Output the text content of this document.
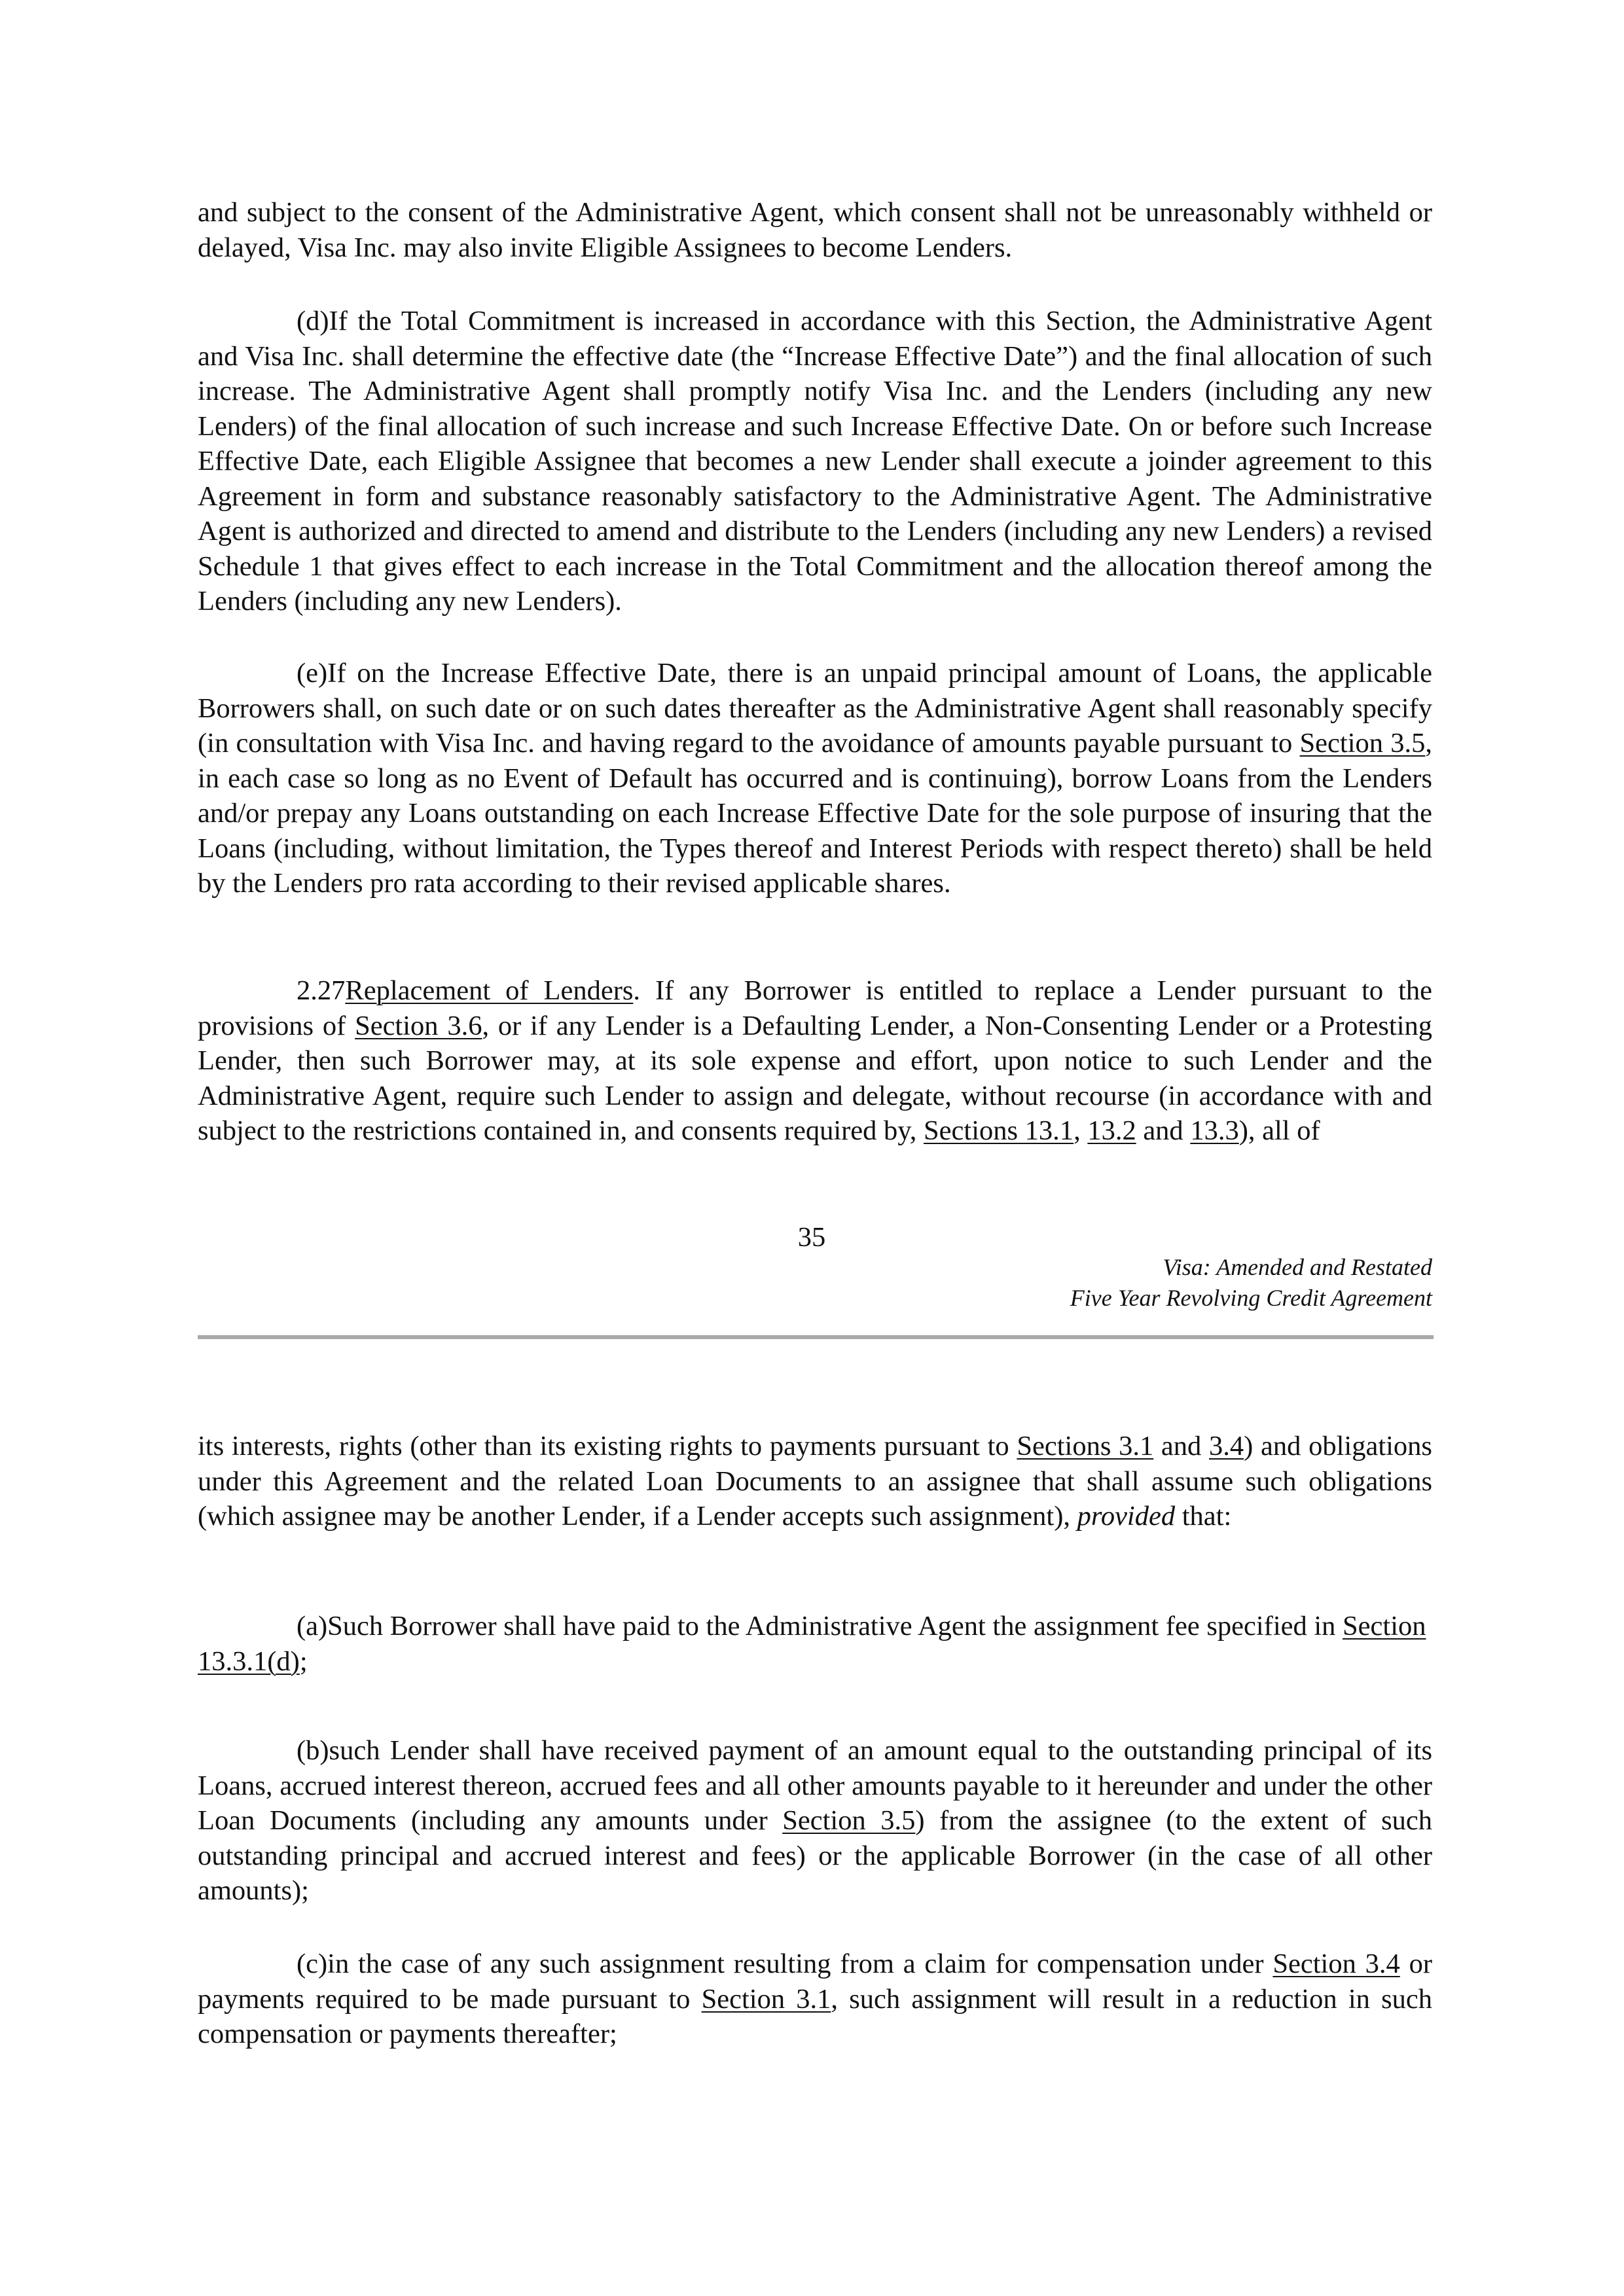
and subject to the consent of the Administrative Agent, which consent shall not be unreasonably withheld or delayed, Visa Inc. may also invite Eligible Assignees to become Lenders.

(d)If the Total Commitment is increased in accordance with this Section, the Administrative Agent and Visa Inc. shall determine the effective date (the “Increase Effective Date”) and the final allocation of such increase. The Administrative Agent shall promptly notify Visa Inc. and the Lenders (including any new Lenders) of the final allocation of such increase and such Increase Effective Date. On or before such Increase Effective Date, each Eligible Assignee that becomes a new Lender shall execute a joinder agreement to this Agreement in form and substance reasonably satisfactory to the Administrative Agent. The Administrative Agent is authorized and directed to amend and distribute to the Lenders (including any new Lenders) a revised Schedule 1 that gives effect to each increase in the Total Commitment and the allocation thereof among the Lenders (including any new Lenders).

(e)If on the Increase Effective Date, there is an unpaid principal amount of Loans, the applicable Borrowers shall, on such date or on such dates thereafter as the Administrative Agent shall reasonably specify (in consultation with Visa Inc. and having regard to the avoidance of amounts payable pursuant to Section 3.5, in each case so long as no Event of Default has occurred and is continuing), borrow Loans from the Lenders and/or prepay any Loans outstanding on each Increase Effective Date for the sole purpose of insuring that the Loans (including, without limitation, the Types thereof and Interest Periods with respect thereto) shall be held by the Lenders pro rata according to their revised applicable shares.

2.27Replacement of Lenders. If any Borrower is entitled to replace a Lender pursuant to the provisions of Section 3.6, or if any Lender is a Defaulting Lender, a Non-Consenting Lender or a Protesting Lender, then such Borrower may, at its sole expense and effort, upon notice to such Lender and the Administrative Agent, require such Lender to assign and delegate, without recourse (in accordance with and subject to the restrictions contained in, and consents required by, Sections 13.1, 13.2 and 13.3), all of

35
Visa: Amended and Restated
Five Year Revolving Credit Agreement

its interests, rights (other than its existing rights to payments pursuant to Sections 3.1 and 3.4) and obligations under this Agreement and the related Loan Documents to an assignee that shall assume such obligations (which assignee may be another Lender, if a Lender accepts such assignment), provided that:

(a)Such Borrower shall have paid to the Administrative Agent the assignment fee specified in Section 13.3.1(d);

(b)such Lender shall have received payment of an amount equal to the outstanding principal of its Loans, accrued interest thereon, accrued fees and all other amounts payable to it hereunder and under the other Loan Documents (including any amounts under Section 3.5) from the assignee (to the extent of such outstanding principal and accrued interest and fees) or the applicable Borrower (in the case of all other amounts);

(c)in the case of any such assignment resulting from a claim for compensation under Section 3.4 or payments required to be made pursuant to Section 3.1, such assignment will result in a reduction in such compensation or payments thereafter;
